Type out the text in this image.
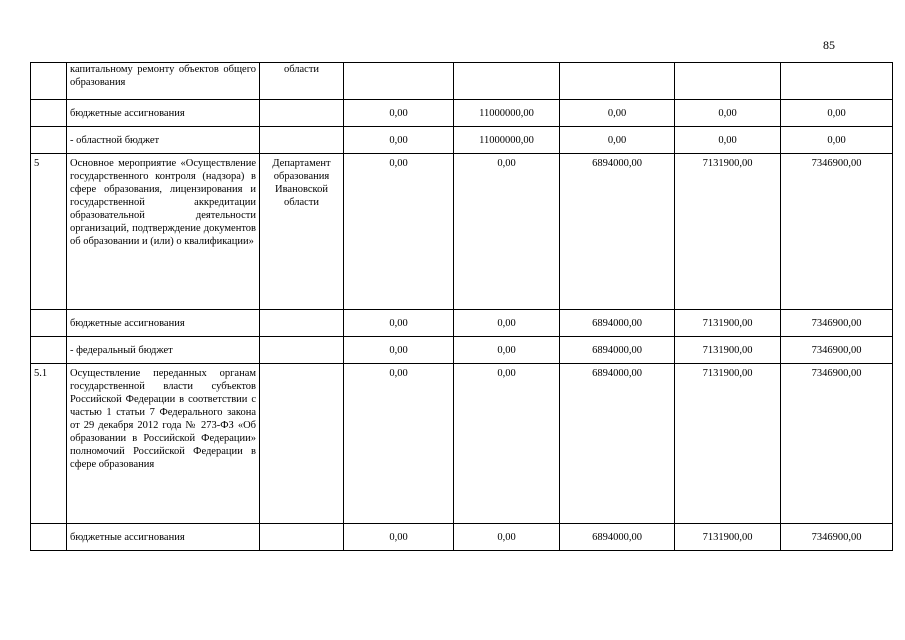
85
	капитальному ремонту объектов общего образования	области					
	бюджетные ассигнования		0,00	11000000,00	0,00	0,00	0,00
	- областной бюджет		0,00	11000000,00	0,00	0,00	0,00
5	Основное мероприятие «Осуществление государственного контроля (надзора) в сфере образования, лицензирования и государственной аккредитации образовательной деятельности организаций, подтверждение документов об образовании и (или) о квалификации»	Департамент образования Ивановской области	0,00	0,00	6894000,00	7131900,00	7346900,00
	бюджетные ассигнования		0,00	0,00	6894000,00	7131900,00	7346900,00
	- федеральный бюджет		0,00	0,00	6894000,00	7131900,00	7346900,00
5.1	Осуществление переданных органам государственной власти субъектов Российской Федерации в соответствии с частью 1 статьи 7 Федерального закона от 29 декабря 2012 года № 273-ФЗ «Об образовании в Российской Федерации» полномочий Российской Федерации в сфере образования		0,00	0,00	6894000,00	7131900,00	7346900,00
	бюджетные ассигнования		0,00	0,00	6894000,00	7131900,00	7346900,00
